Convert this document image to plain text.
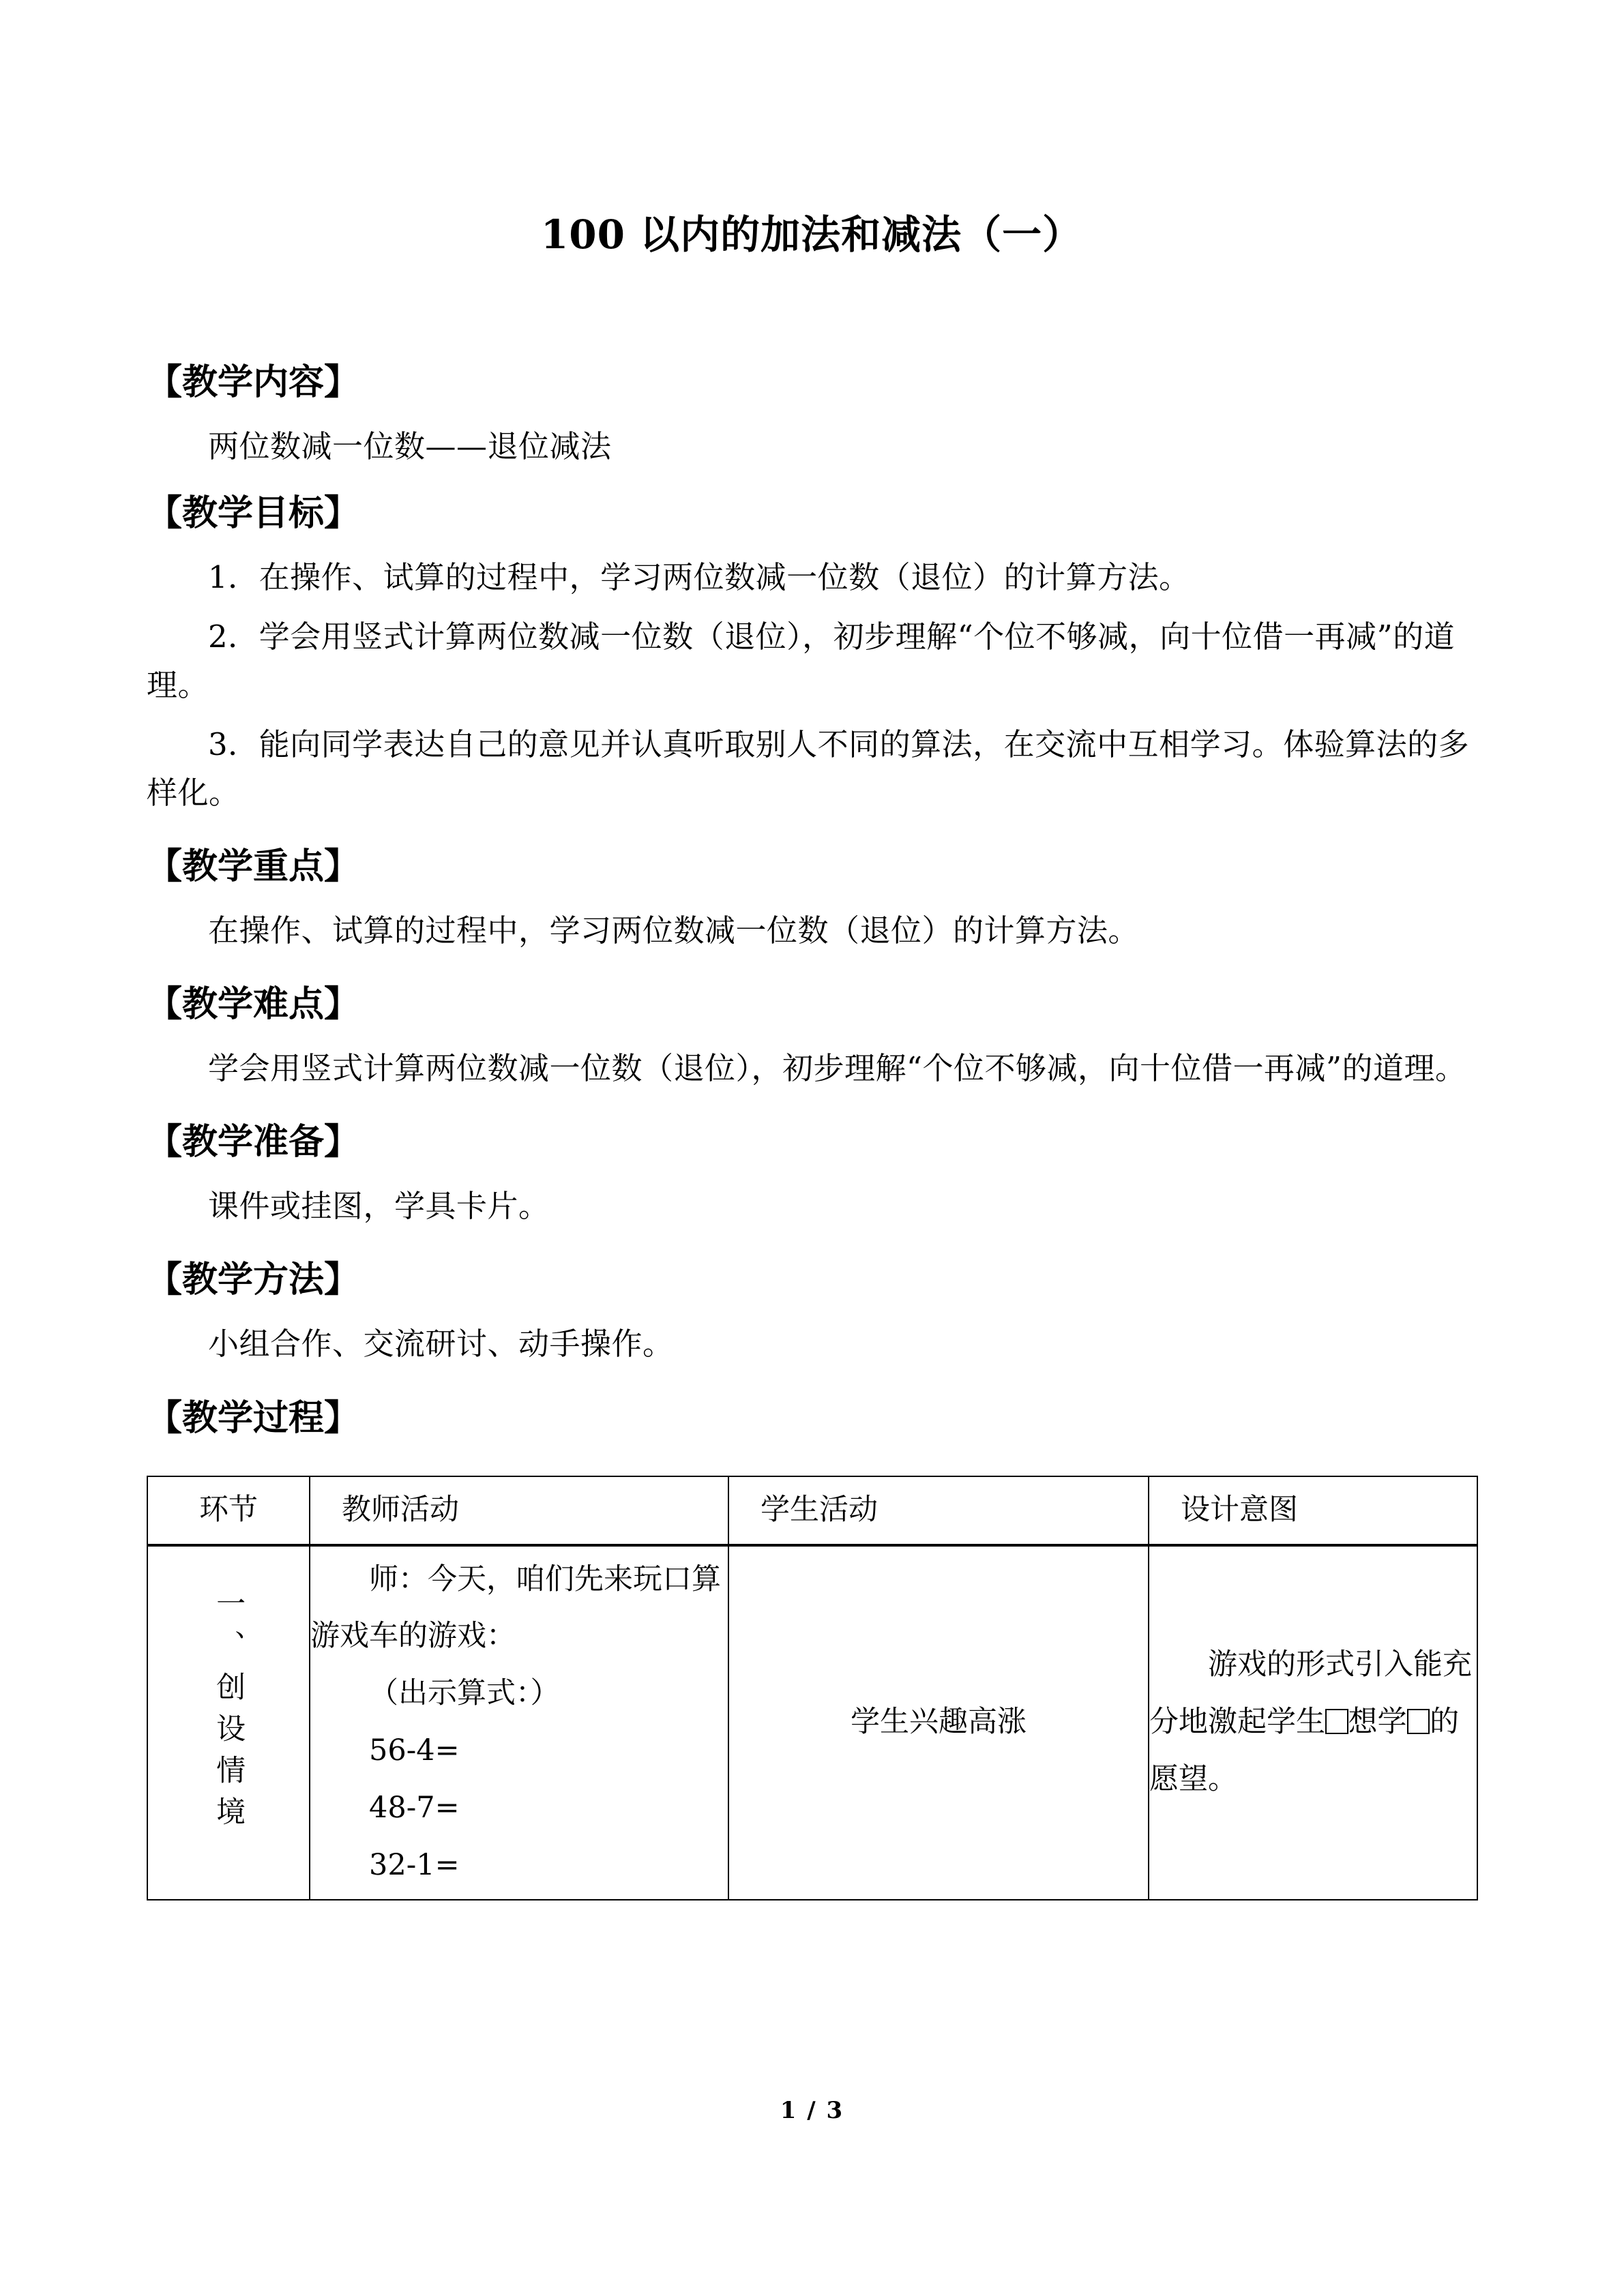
100 以内的加法和减法（一）
【教学内容】

两位数减一位数——退位减法

【教学目标】

1．在操作、试算的过程中，学习两位数减一位数（退位）的计算方法。

2．学会用竖式计算两位数减一位数（退位），初步理解“个位不够减，向十位借一再减”的道理。

3．能向同学表达自己的意见并认真听取别人不同的算法，在交流中互相学习。体验算法的多样化。

【教学重点】

在操作、试算的过程中，学习两位数减一位数（退位）的计算方法。

【教学难点】

学会用竖式计算两位数减一位数（退位），初步理解“个位不够减，向十位借一再减”的道理。

【教学准备】

课件或挂图，学具卡片。

【教学方法】

小组合作、交流研讨、动手操作。

【教学过程】
环节	教师活动	学生活动	设计意图
一、创设情境	师：今天，咱们先来玩口算游戏车的游戏：
（出示算式：）
56-4=
48-7=
32-1=	学生兴趣高涨	游戏的形式引入能充分地激起学生 想学 的愿望。
1 / 3
